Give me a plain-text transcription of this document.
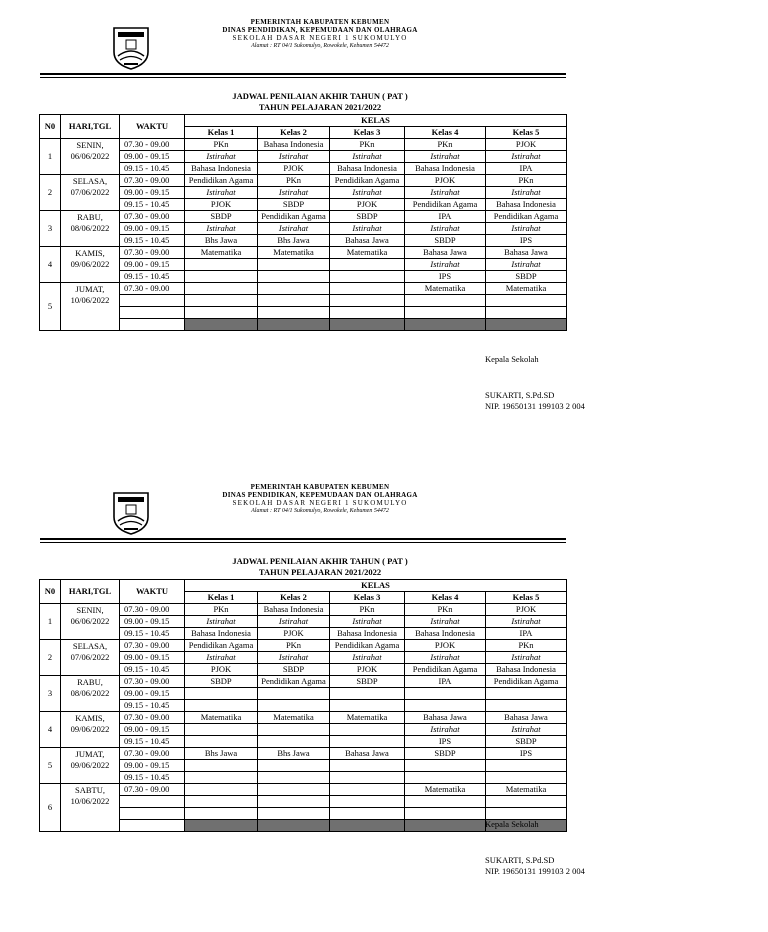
PEMERINTAH KABUPATEN KEBUMEN
DINAS PENDIDIKAN, KEPEMUDAAN DAN OLAHRAGA
SEKOLAH DASAR NEGERI 1 SUKOMULYO
Alamat : RT 04/1 Sukomulyo, Rowokele, Kebumen 54472
JADWAL PENILAIAN AKHIR TAHUN ( PAT )
TAHUN PELAJARAN 2021/2022
N0	HARI,TGL	WAKTU	KELAS				
			Kelas 1	Kelas 2	Kelas 3	Kelas 4	Kelas 5
1	SENIN,
06/06/2022	07.30 - 09.00	PKn	Bahasa Indonesia	PKn	PKn	PJOK
		09.00 - 09.15	Istirahat	Istirahat	Istirahat	Istirahat	Istirahat
		09.15 - 10.45	Bahasa Indonesia	PJOK	Bahasa Indonesia	Bahasa Indonesia	IPA
2	SELASA,
07/06/2022	07.30 - 09.00	Pendidikan Agama	PKn	Pendidikan Agama	PJOK	PKn
		09.00 - 09.15	Istirahat	Istirahat	Istirahat	Istirahat	Istirahat
		09.15 - 10.45	PJOK	SBDP	PJOK	Pendidikan Agama	Bahasa Indonesia
3	RABU,
08/06/2022	07.30 - 09.00	SBDP	Pendidikan Agama	SBDP	IPA	Pendidikan Agama
		09.00 - 09.15	Istirahat	Istirahat	Istirahat	Istirahat	Istirahat
		09.15 - 10.45	Bhs Jawa	Bhs Jawa	Bahasa Jawa	SBDP	IPS
4	KAMIS,
09/06/2022	07.30 - 09.00	Matematika	Matematika	Matematika	Bahasa Jawa	Bahasa Jawa
		09.00 - 09.15				Istirahat	Istirahat
		09.15 - 10.45				IPS	SBDP
5	JUMAT,
10/06/2022	07.30 - 09.00				Matematika	Matematika

Kepala Sekolah
SUKARTI, S.Pd.SD
NIP. 19650131 199103 2 004
PEMERINTAH KABUPATEN KEBUMEN
DINAS PENDIDIKAN, KEPEMUDAAN DAN OLAHRAGA
SEKOLAH DASAR NEGERI 1 SUKOMULYO
Alamat : RT 04/1 Sukomulyo, Rowokele, Kebumen 54472
JADWAL PENILAIAN AKHIR TAHUN ( PAT )
TAHUN PELAJARAN 2021/2022
N0	HARI,TGL	WAKTU	KELAS				
			Kelas 1	Kelas 2	Kelas 3	Kelas 4	Kelas 5
1	SENIN,
06/06/2022	07.30 - 09.00	PKn	Bahasa Indonesia	PKn	PKn	PJOK
		09.00 - 09.15	Istirahat	Istirahat	Istirahat	Istirahat	Istirahat
		09.15 - 10.45	Bahasa Indonesia	PJOK	Bahasa Indonesia	Bahasa Indonesia	IPA
2	SELASA,
07/06/2022	07.30 - 09.00	Pendidikan Agama	PKn	Pendidikan Agama	PJOK	PKn
		09.00 - 09.15	Istirahat	Istirahat	Istirahat	Istirahat	Istirahat
		09.15 - 10.45	PJOK	SBDP	PJOK	Pendidikan Agama	Bahasa Indonesia
3	RABU,
08/06/2022	07.30 - 09.00	SBDP	Pendidikan Agama	SBDP	IPA	Pendidikan Agama
		09.00 - 09.15					
		09.15 - 10.45					
4	KAMIS,
09/06/2022	07.30 - 09.00	Matematika	Matematika	Matematika	Bahasa Jawa	Bahasa Jawa
		09.00 - 09.15				Istirahat	Istirahat
		09.15 - 10.45				IPS	SBDP
5	JUMAT,
09/06/2022	07.30 - 09.00	Bhs Jawa	Bhs Jawa	Bahasa Jawa	SBDP	IPS
		09.00 - 09.15					
		09.15 - 10.45					
6	SABTU,
10/06/2022	07.30 - 09.00				Matematika	Matematika

Kepala Sekolah
SUKARTI, S.Pd.SD
NIP. 19650131 199103 2 004
